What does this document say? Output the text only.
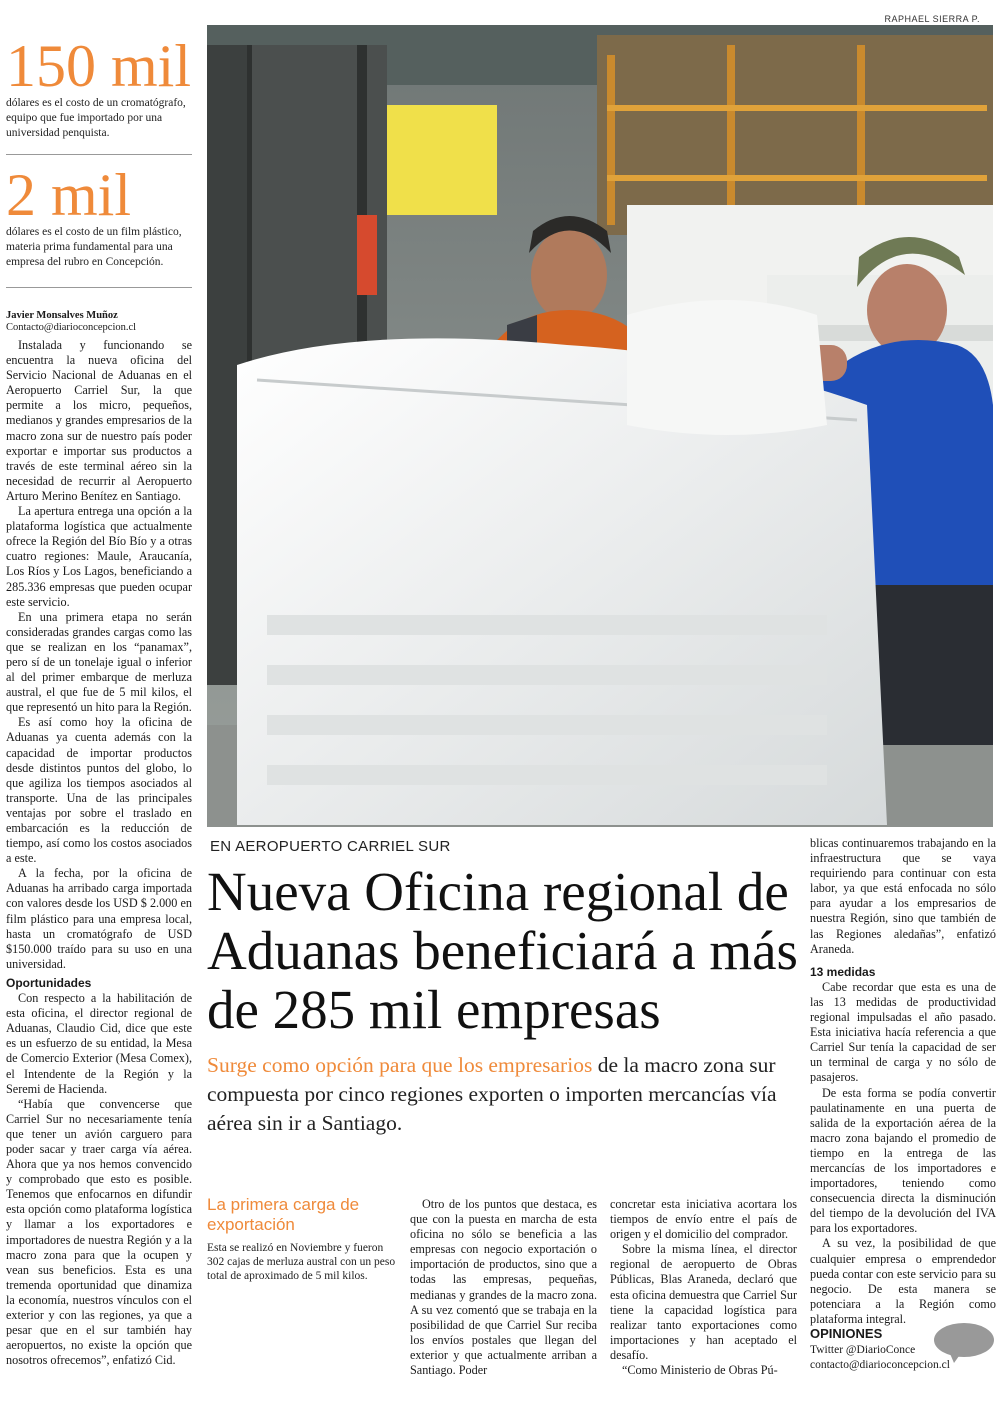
RAPHAEL SIERRA P.
150 mil
dólares es el costo de un cromatógrafo, equipo que fue importado por una universidad penquista.
2 mil
dólares es el costo de un film plástico, materia prima fundamental para una empresa del rubro en Concepción.
Javier Monsalves Muñoz
Contacto@diarioconcepcion.cl

Instalada y funcionando se encuentra la nueva oficina del Servicio Nacional de Aduanas en el Aeropuerto Carriel Sur, la que permite a los micro, pequeños, medianos y grandes empresarios de la macro zona sur de nuestro país poder exportar e importar sus productos a través de este terminal aéreo sin la necesidad de recurrir al Aeropuerto Arturo Merino Benítez en Santiago.

La apertura entrega una opción a la plataforma logística que actualmente ofrece la Región del Bío Bío y a otras cuatro regiones: Maule, Araucanía, Los Ríos y Los Lagos, beneficiando a 285.336 empresas que pueden ocupar este servicio.

En una primera etapa no serán consideradas grandes cargas como las que se realizan en los “panamax”, pero sí de un tonelaje igual o inferior al del primer embarque de merluza austral, el que fue de 5 mil kilos, el que representó un hito para la Región.

Es así como hoy la oficina de Aduanas ya cuenta además con la capacidad de importar productos desde distintos puntos del globo, lo que agiliza los tiempos asociados al transporte. Una de las principales ventajas por sobre el traslado en embarcación es la reducción de tiempo, así como los costos asociados a este.

A la fecha, por la oficina de Aduanas ha arribado carga importada con valores desde los USD $ 2.000 en film plástico para una empresa local, hasta un cromatógrafo de USD $150.000 traído para su uso en una universidad.

Oportunidades

Con respecto a la habilitación de esta oficina, el director regional de Aduanas, Claudio Cid, dice que este es un esfuerzo de su entidad, la Mesa de Comercio Exterior (Mesa Comex), el Intendente de la Región y la Seremi de Hacienda.

“Había que convencerse que Carriel Sur no necesariamente tenía que tener un avión carguero para poder sacar y traer carga vía aérea. Ahora que ya nos hemos convencido y comprobado que esto es posible. Tenemos que enfocarnos en difundir esta opción como plataforma logística y llamar a los exportadores e importadores de nuestra Región y a la macro zona para que la ocupen y vean sus beneficios. Esta es una tremenda oportunidad que dinamiza la economía, nuestros vínculos con el exterior y con las regiones, ya que a pesar que en el sur también hay aeropuertos, no existe la opción que nosotros ofrecemos”, enfatizó Cid.

EN AEROPUERTO CARRIEL SUR
Nueva Oficina regional de Aduanas beneficiará a más de 285 mil empresas
Surge como opción para que los empresarios de la macro zona sur compuesta por cinco regiones exporten o importen mercancías vía aérea sin ir a Santiago.
La primera carga de exportación
Esta se realizó en Noviembre y fueron 302 cajas de merluza austral con un peso total de aproximado de 5 mil kilos.

Otro de los puntos que destaca, es que con la puesta en marcha de esta oficina no sólo se beneficia a las empresas con negocio exportación o importación de productos, sino que a todas las empresas, pequeñas, medianas y grandes de la macro zona. A su vez comentó que se trabaja en la posibilidad de que Carriel Sur reciba los envíos postales que llegan del exterior y que actualmente arriban a Santiago. Poder

concretar esta iniciativa acortara los tiempos de envío entre el país de origen y el domicilio del comprador.

Sobre la misma línea, el director regional de aeropuerto de Obras Públicas, Blas Araneda, declaró que esta oficina demuestra que Carriel Sur tiene la capacidad logística para realizar tanto exportaciones como importaciones y han aceptado el desafío.

“Como Ministerio de Obras Pú-

blicas continuaremos trabajando en la infraestructura que se vaya requiriendo para continuar con esta labor, ya que está enfocada no sólo para ayudar a los empresarios de nuestra Región, sino que también de las Regiones aledañas”, enfatizó Araneda.

13 medidas

Cabe recordar que esta es una de las 13 medidas de productividad regional impulsadas el año pasado. Esta iniciativa hacía referencia a que Carriel Sur tenía la capacidad de ser un terminal de carga y no sólo de pasajeros.

De esta forma se podía convertir paulatinamente en una puerta de salida de la exportación aérea de la macro zona bajando el promedio de tiempo en la entrega de las mercancías de los importadores e importadores, teniendo como consecuencia directa la disminución del tiempo de la devolución del IVA para los exportadores.

A su vez, la posibilidad de que cualquier empresa o emprendedor pueda contar con este servicio para su negocio. De esta manera se potenciara a la Región como plataforma integral.

OPINIONES
Twitter @DiarioConce
contacto@diarioconcepcion.cl
